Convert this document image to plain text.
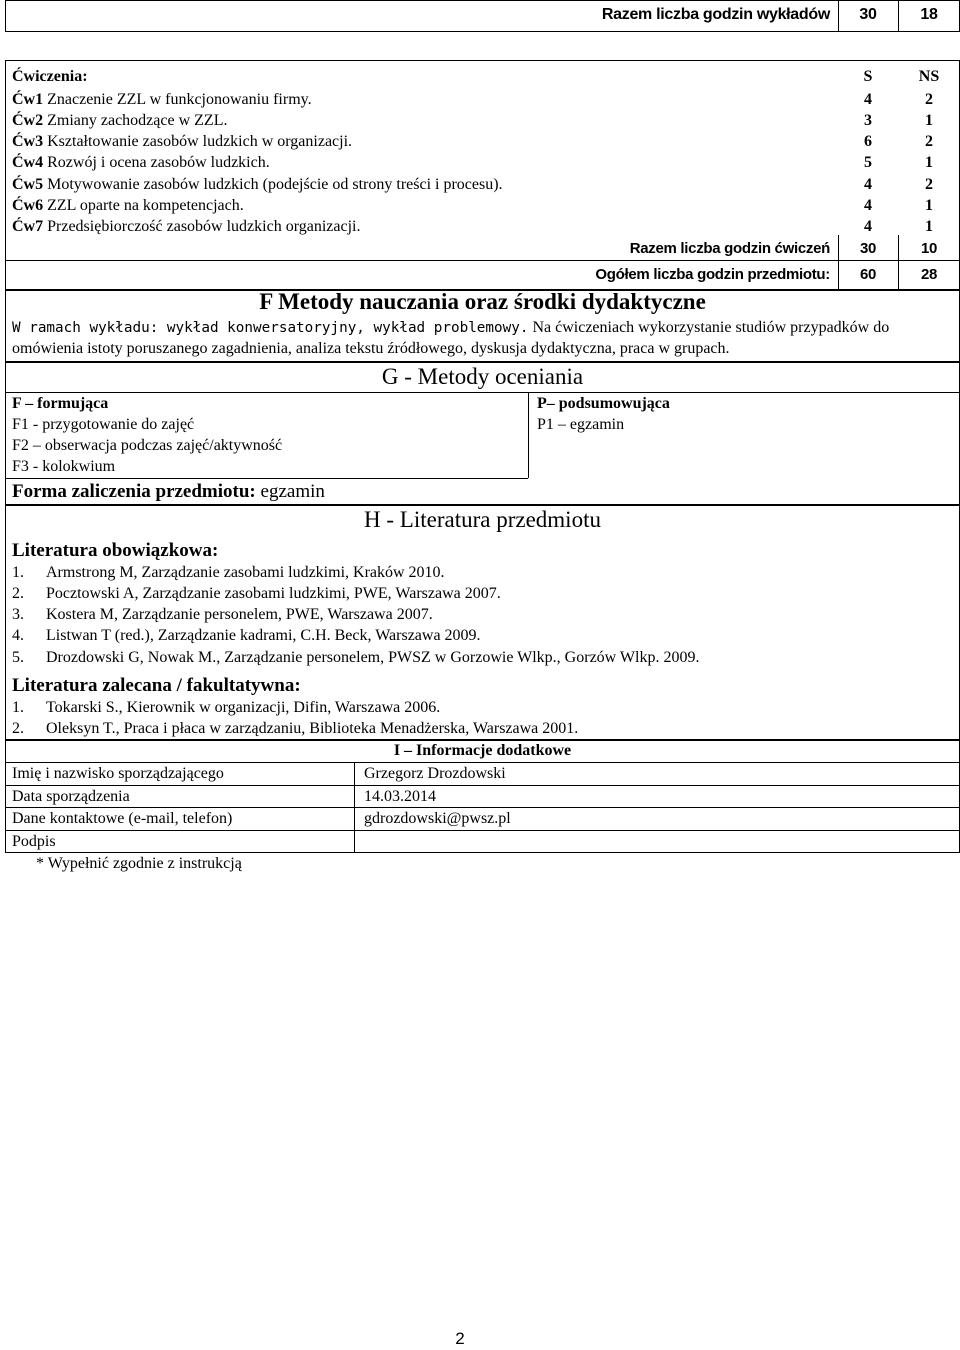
Razem liczba godzin wykładów	30	18
Ćwiczenia:	S	NS
Ćw1 Znaczenie ZZL w funkcjonowaniu firmy.	4	2
Ćw2 Zmiany zachodzące w ZZL.	3	1
Ćw3 Kształtowanie zasobów ludzkich w organizacji.	6	2
Ćw4 Rozwój i ocena zasobów ludzkich.	5	1
Ćw5 Motywowanie zasobów ludzkich (podejście od strony treści i procesu).	4	2
Ćw6 ZZL oparte na kompetencjach.	4	1
Ćw7 Przedsiębiorczość zasobów ludzkich organizacji.	4	1
Razem liczba godzin ćwiczeń	30	10
Ogółem liczba godzin przedmiotu:	60	28
F Metody nauczania oraz środki dydaktyczne
W ramach wykładu: wykład konwersatoryjny, wykład problemowy. Na ćwiczeniach wykorzystanie studiów przypadków do
omówienia istoty poruszanego zagadnienia, analiza tekstu źródłowego, dyskusja dydaktyczna, praca w grupach.
G - Metody oceniania
F – formująca
F1 - przygotowanie do zajęć
F2 – obserwacja podczas zajęć/aktywność
F3 - kolokwium
P– podsumowująca
P1 – egzamin
Forma zaliczenia przedmiotu: egzamin
H - Literatura przedmiotu
Literatura obowiązkowa:
1. Armstrong M, Zarządzanie zasobami ludzkimi, Kraków 2010.
2. Pocztowski A, Zarządzanie zasobami ludzkimi, PWE, Warszawa 2007.
3. Kostera M, Zarządzanie personelem, PWE, Warszawa 2007.
4. Listwan T (red.), Zarządzanie kadrami, C.H. Beck, Warszawa 2009.
5. Drozdowski G, Nowak M., Zarządzanie personelem, PWSZ w Gorzowie Wlkp., Gorzów Wlkp. 2009.
Literatura zalecana / fakultatywna:
1. Tokarski S., Kierownik w organizacji, Difin, Warszawa 2006.
2. Oleksyn T., Praca i płaca w zarządzaniu, Biblioteka Menadżerska, Warszawa 2001.
I – Informacje dodatkowe
Imię i nazwisko sporządzającego	Grzegorz Drozdowski
Data sporządzenia	14.03.2014
Dane kontaktowe (e-mail, telefon)	gdrozdowski@pwsz.pl
Podpis
* Wypełnić zgodnie z instrukcją
2
